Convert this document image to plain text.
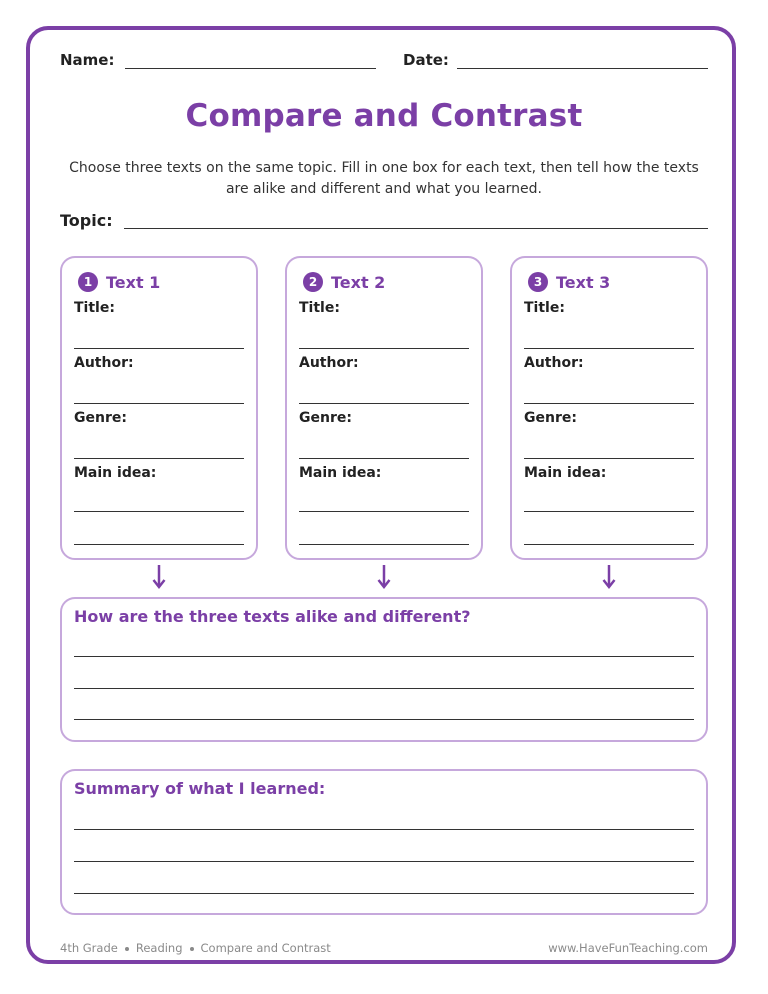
Name:	Date:
Compare and Contrast
Choose three texts on the same topic. Fill in one box for each text, then tell how the texts are alike and different and what you learned.
Topic:
1 Text 1
Title:
Author:
Genre:
Main idea:
2 Text 2
Title:
Author:
Genre:
Main idea:
3 Text 3
Title:
Author:
Genre:
Main idea:
How are the three texts alike and different?
Summary of what I learned:
4th Grade Reading Compare and Contrast	www.HaveFunTeaching.com
